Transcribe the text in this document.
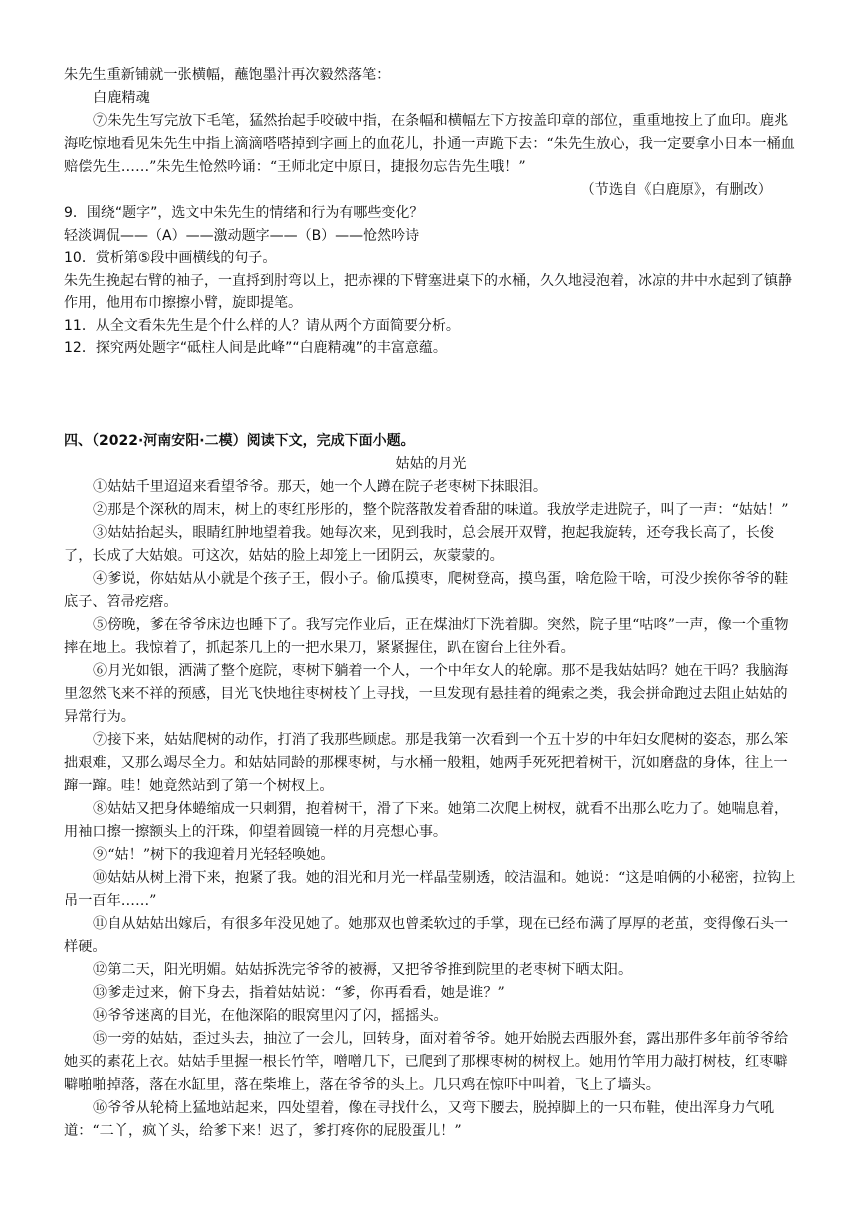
朱先生重新铺就一张横幅，蘸饱墨汁再次毅然落笔：

白鹿精魂

⑦朱先生写完放下毛笔，猛然抬起手咬破中指，在条幅和横幅左下方按盖印章的部位，重重地按上了血印。鹿兆海吃惊地看见朱先生中指上滴滴嗒嗒掉到字画上的血花儿，扑通一声跪下去：“朱先生放心，我一定要拿小日本一桶血赔偿先生……”朱先生怆然吟诵：“王师北定中原日，捷报勿忘告先生哦！”

（节选自《白鹿原》，有删改）

9．围绕“题字”，选文中朱先生的情绪和行为有哪些变化？

轻淡调侃——（A）——激动题字——（B）——怆然吟诗

10．赏析第⑤段中画横线的句子。

朱先生挽起右臂的袖子，一直捋到肘弯以上，把赤裸的下臂塞进桌下的水桶，久久地浸泡着，冰凉的井中水起到了镇静作用，他用布巾擦擦小臂，旋即提笔。

11．从全文看朱先生是个什么样的人？请从两个方面简要分析。

12．探究两处题字“砥柱人间是此峰”“白鹿精魂”的丰富意蕴。

四、（2022·河南安阳·二模）阅读下文，完成下面小题。

姑姑的月光

①姑姑千里迢迢来看望爷爷。那天，她一个人蹲在院子老枣树下抹眼泪。

②那是个深秋的周末，树上的枣红彤彤的，整个院落散发着香甜的味道。我放学走进院子，叫了一声：“姑姑！”

③姑姑抬起头，眼睛红肿地望着我。她每次来，见到我时，总会展开双臂，抱起我旋转，还夸我长高了，长俊了，长成了大姑娘。可这次，姑姑的脸上却笼上一团阴云，灰蒙蒙的。

④爹说，你姑姑从小就是个孩子王，假小子。偷瓜摸枣，爬树登高，摸鸟蛋，啥危险干啥，可没少挨你爷爷的鞋底子、笤帚疙瘩。

⑤傍晚，爹在爷爷床边也睡下了。我写完作业后，正在煤油灯下洗着脚。突然，院子里“咕咚”一声，像一个重物摔在地上。我惊着了，抓起茶几上的一把水果刀，紧紧握住，趴在窗台上往外看。

⑥月光如银，洒满了整个庭院，枣树下躺着一个人，一个中年女人的轮廓。那不是我姑姑吗？她在干吗？我脑海里忽然飞来不祥的预感，目光飞快地往枣树枝丫上寻找，一旦发现有悬挂着的绳索之类，我会拼命跑过去阻止姑姑的异常行为。

⑦接下来，姑姑爬树的动作，打消了我那些顾虑。那是我第一次看到一个五十岁的中年妇女爬树的姿态，那么笨拙艰难，又那么竭尽全力。和姑姑同龄的那棵枣树，与水桶一般粗，她两手死死把着树干，沉如磨盘的身体，往上一蹿一蹿。哇！她竟然站到了第一个树杈上。

⑧姑姑又把身体蜷缩成一只刺猬，抱着树干，滑了下来。她第二次爬上树杈，就看不出那么吃力了。她喘息着，用袖口擦一擦额头上的汗珠，仰望着圆镜一样的月亮想心事。

⑨“姑！”树下的我迎着月光轻轻唤她。

⑩姑姑从树上滑下来，抱紧了我。她的泪光和月光一样晶莹剔透，皎洁温和。她说：“这是咱俩的小秘密，拉钩上吊一百年……”

⑪自从姑姑出嫁后，有很多年没见她了。她那双也曾柔软过的手掌，现在已经布满了厚厚的老茧，变得像石头一样硬。

⑫第二天，阳光明媚。姑姑拆洗完爷爷的被褥，又把爷爷推到院里的老枣树下晒太阳。

⑬爹走过来，俯下身去，指着姑姑说：“爹，你再看看，她是谁？”

⑭爷爷迷离的目光，在他深陷的眼窝里闪了闪，摇摇头。

⑮一旁的姑姑，歪过头去，抽泣了一会儿，回转身，面对着爷爷。她开始脱去西服外套，露出那件多年前爷爷给她买的素花上衣。姑姑手里握一根长竹竿，噌噌几下，已爬到了那棵枣树的树杈上。她用竹竿用力敲打树枝，红枣噼噼啪啪掉落，落在水缸里，落在柴堆上，落在爷爷的头上。几只鸡在惊吓中叫着，飞上了墙头。

⑯爷爷从轮椅上猛地站起来，四处望着，像在寻找什么，又弯下腰去，脱掉脚上的一只布鞋，使出浑身力气吼道：“二丫，疯丫头，给爹下来！迟了，爹打疼你的屁股蛋儿！”
